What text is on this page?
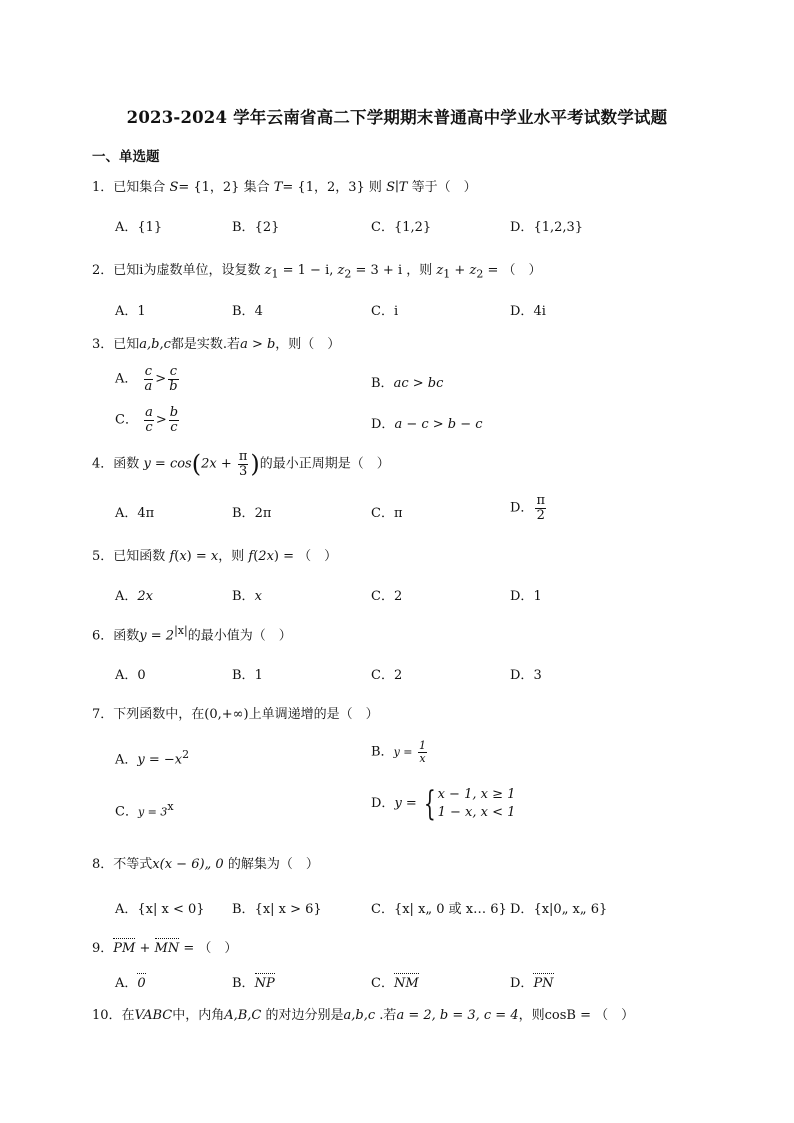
2023-2024 学年云南省高二下学期期末普通高中学业水平考试数学试题
一、单选题
1．已知集合 S= {1，2} 集合 T= {1，2，3} 则 S∣T 等于（　）
A．{1}	B．{2}	C．{1,2}	D．{1,2,3}
2．已知i为虚数单位，设复数 $z_1 = 1 - i$, $z_2 = 3 + i$ ，则 $z_1 + z_2$ = （　）
A．1	B．4	C．i	D．4i
3．已知a,b,c都是实数.若a > b，则（　）
A． $\frac{c}{a} > \frac{c}{b}$	B．ac > bc
C． $\frac{a}{c} > \frac{b}{c}$	D．a − c > b − c
4．函数 $y = \cos(2x + \frac{\pi}{3}$ )的最小正周期是（　）
A．4π	B．2π	C．π	D． $\frac{\pi}{2}$
5．已知函数 f(x) = x，则 f(2x) = （　）
A．2x	B．x	C．2	D．1
6．函数$y = 2^{|x|}$的最小值为（　）
A．0	B．1	C．2	D．3
7．下列函数中，在(0,+∞)上单调递增的是（　）
A．$y = -x^2$	B．$y = \frac{1}{x}$
C．$y = 3^x$	D．y = { x − 1, x ≥ 1
1 − x, x < 1
8．不等式x(x − 6)„ 0 的解集为（　）
A．{x| x < 0} B．{x| x > 6}	C．{x| x„ 0 或 x… 6} D．{x|0„ x„ 6}
9．PM + MN = （　）
A．0	B．NP	C．NM	D．PN
10．在VABC中，内角A,B,C 的对边分别是a,b,c .若a = 2, b = 3, c = 4，则cosB = （　）
